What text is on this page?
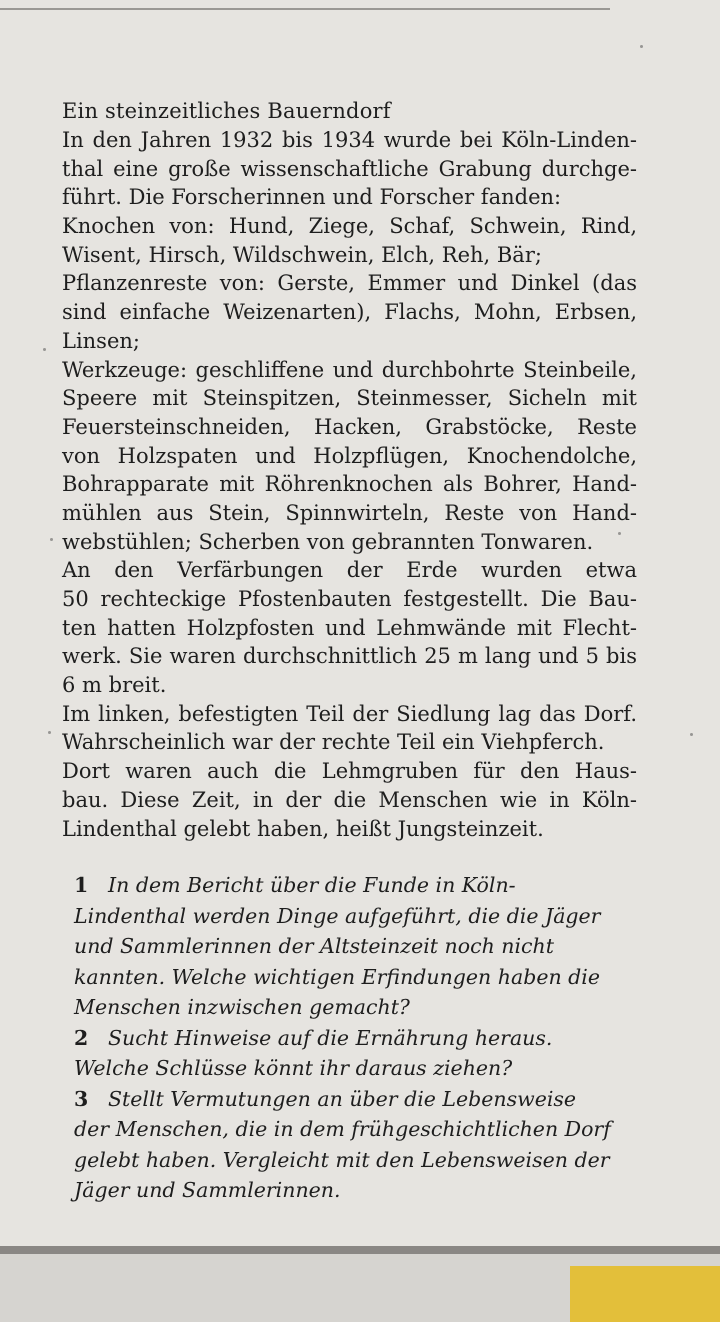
Ein steinzeitliches Bauerndorf
In den Jahren 1932 bis 1934 wurde bei Köln-Linden-
thal eine große wissenschaftliche Grabung durchge-
führt. Die Forscherinnen und Forscher fanden:
Knochen von: Hund, Ziege, Schaf, Schwein, Rind,
Wisent, Hirsch, Wildschwein, Elch, Reh, Bär;
Pflanzenreste von: Gerste, Emmer und Dinkel (das
sind einfache Weizenarten), Flachs, Mohn, Erbsen,
Linsen;
Werkzeuge: geschliffene und durchbohrte Steinbeile,
Speere mit Steinspitzen, Steinmesser, Sicheln mit
Feuersteinschneiden, Hacken, Grabstöcke, Reste
von Holzspaten und Holzpflügen, Knochendolche,
Bohrapparate mit Röhrenknochen als Bohrer, Hand-
mühlen aus Stein, Spinnwirteln, Reste von Hand-
webstühlen; Scherben von gebrannten Tonwaren.
An den Verfärbungen der Erde wurden etwa
50 rechteckige Pfostenbauten festgestellt. Die Bau-
ten hatten Holzpfosten und Lehmwände mit Flecht-
werk. Sie waren durchschnittlich 25 m lang und 5 bis
6 m breit.
Im linken, befestigten Teil der Siedlung lag das Dorf.
Wahrscheinlich war der rechte Teil ein Viehpferch.
Dort waren auch die Lehmgruben für den Haus-
bau. Diese Zeit, in der die Menschen wie in Köln-
Lindenthal gelebt haben, heißt Jungsteinzeit.
1 In dem Bericht über die Funde in Köln-
Lindenthal werden Dinge aufgeführt, die die Jäger
und Sammlerinnen der Altsteinzeit noch nicht
kannten. Welche wichtigen Erfindungen haben die
Menschen inzwischen gemacht?
2 Sucht Hinweise auf die Ernährung heraus.
Welche Schlüsse könnt ihr daraus ziehen?
3 Stellt Vermutungen an über die Lebensweise
der Menschen, die in dem frühgeschichtlichen Dorf
gelebt haben. Vergleicht mit den Lebensweisen der
Jäger und Sammlerinnen.
